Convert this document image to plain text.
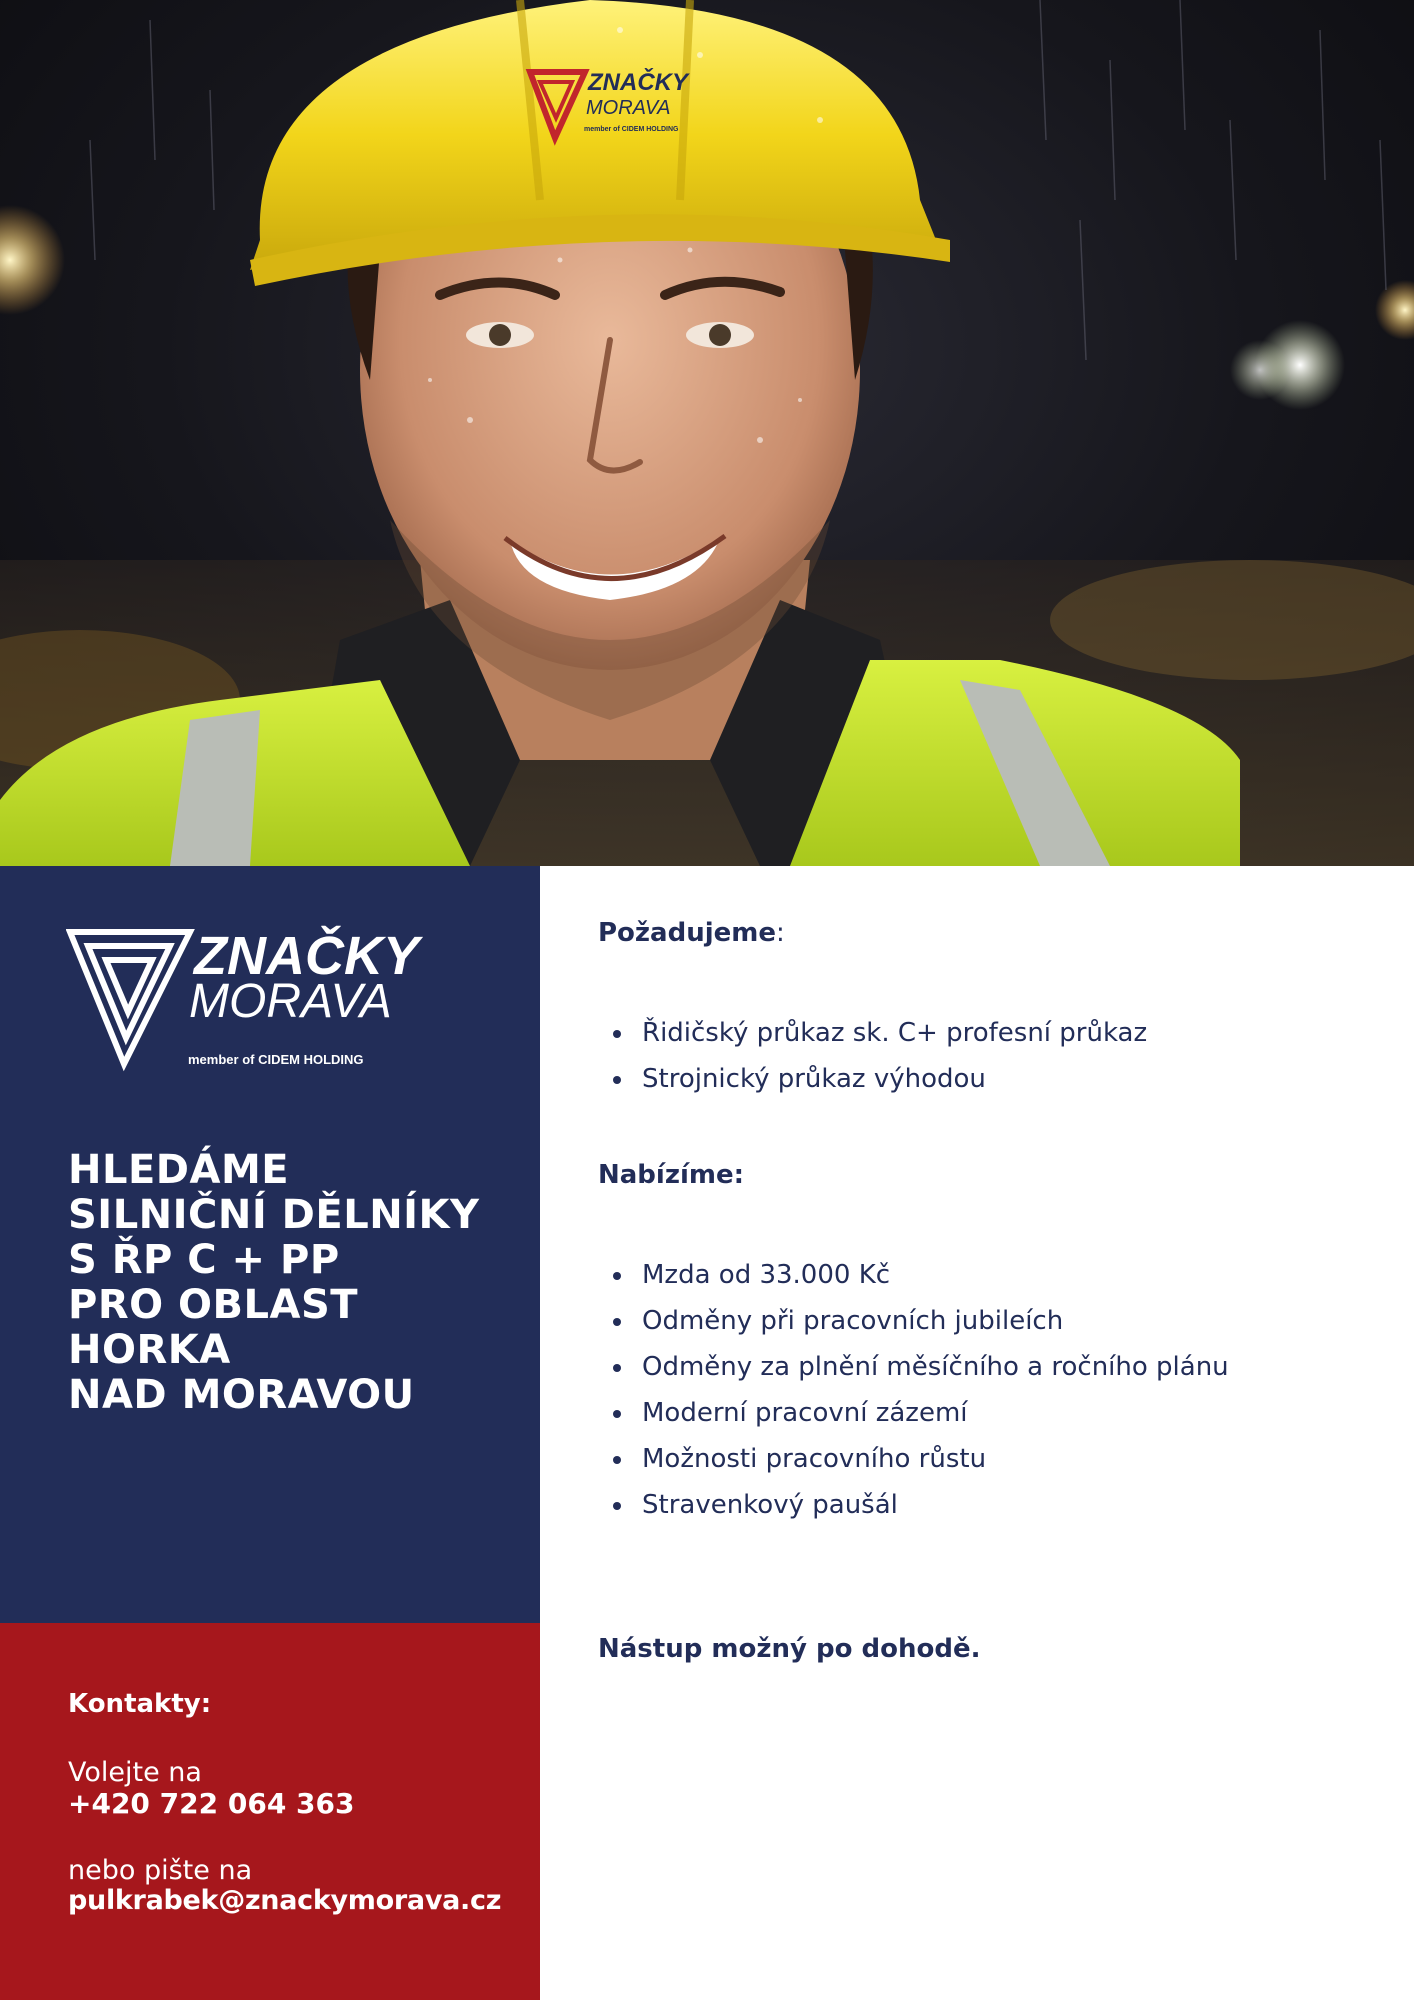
ZNAČKY
MORAVA
member of CIDEM HOLDING
ZNAČKY
MORAVA
member of CIDEM HOLDING
HLEDÁME
SILNIČNÍ DĚLNÍKY
S ŘP C + PP
PRO OBLAST
HORKA
NAD MORAVOU
Kontakty:
Volejte na
+420 722 064 363
nebo pište na
pulkrabek@znackymorava.cz
Požadujeme:
Řidičský průkaz sk. C+ profesní průkaz
Strojnický průkaz výhodou
Nabízíme:
Mzda od 33.000 Kč
Odměny při pracovních jubileích
Odměny za plnění měsíčního a ročního plánu
Moderní pracovní zázemí
Možnosti pracovního růstu
Stravenkový paušál
Nástup možný po dohodě.
